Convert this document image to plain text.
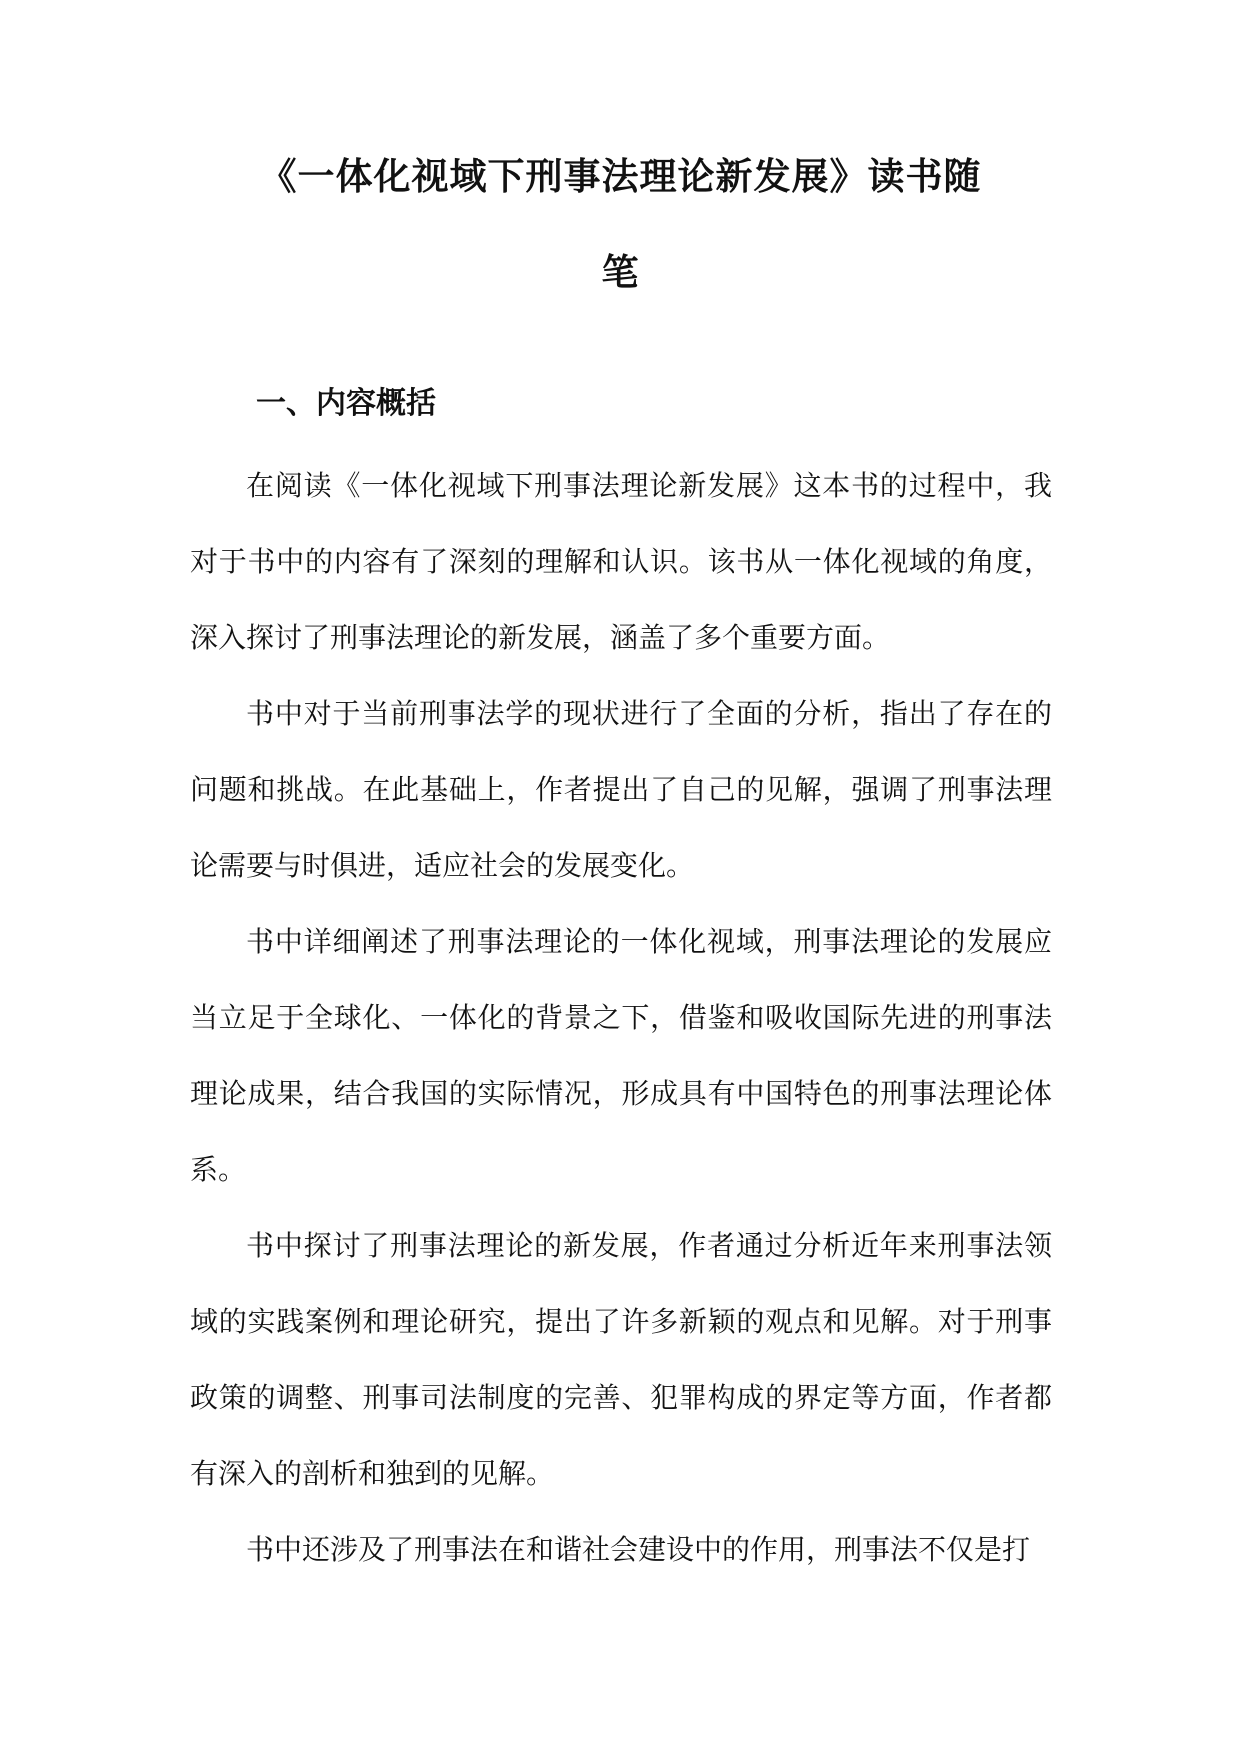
《一体化视域下刑事法理论新发展》读书随
笔
一、内容概括

在阅读《一体化视域下刑事法理论新发展》这本书的过程中，我对于书中的内容有了深刻的理解和认识。该书从一体化视域的角度，深入探讨了刑事法理论的新发展，涵盖了多个重要方面。

书中对于当前刑事法学的现状进行了全面的分析，指出了存在的问题和挑战。在此基础上，作者提出了自己的见解，强调了刑事法理论需要与时俱进，适应社会的发展变化。

书中详细阐述了刑事法理论的一体化视域，刑事法理论的发展应当立足于全球化、一体化的背景之下，借鉴和吸收国际先进的刑事法理论成果，结合我国的实际情况，形成具有中国特色的刑事法理论体系。

书中探讨了刑事法理论的新发展，作者通过分析近年来刑事法领域的实践案例和理论研究，提出了许多新颖的观点和见解。对于刑事政策的调整、刑事司法制度的完善、犯罪构成的界定等方面，作者都有深入的剖析和独到的见解。

书中还涉及了刑事法在和谐社会建设中的作用，刑事法不仅是打
